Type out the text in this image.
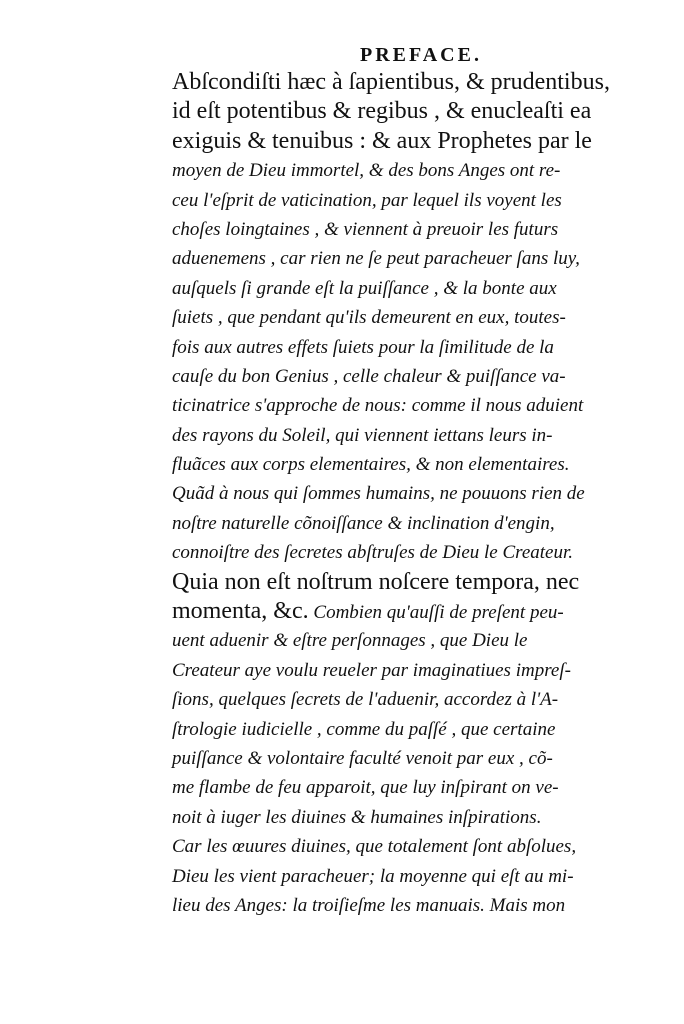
PREFACE.
Abſcondiſti hæc à ſapientibus, & prudentibus,
id eſt potentibus & regibus , & enucleaſti ea
exiguis & tenuibus : & aux Prophetes par le
moyen de Dieu immortel, & des bons Anges ont re-
ceu l'eſprit de vaticination, par lequel ils voyent les
choſes loingtaines , & viennent à preuoir les futurs
aduenemens , car rien ne ſe peut paracheuer ſans luy,
auſquels ſi grande eſt la puiſſance , & la bonte aux
ſuiets , que pendant qu'ils demeurent en eux, toutes-
fois aux autres effets ſuiets pour la ſimilitude de la
cauſe du bon Genius , celle chaleur & puiſſance va-
ticinatrice s'approche de nous: comme il nous aduient
des rayons du Soleil, qui viennent iettans leurs in-
fluãces aux corps elementaires, & non elementaires.
Quãd à nous qui ſommes humains, ne pouuons rien de
noſtre naturelle cõnoiſſance & inclination d'engin,
connoiſtre des ſecretes abſtruſes de Dieu le Createur.
Quia non eſt noſtrum noſcere tempora, nec
momenta, &c. Combien qu'auſſi de preſent peu-
uent aduenir & eſtre perſonnages , que Dieu le
Createur aye voulu reueler par imaginatiues impreſ-
ſions, quelques ſecrets de l'aduenir, accordez à l'A-
ſtrologie iudicielle , comme du paſſé , que certaine
puiſſance & volontaire faculté venoit par eux , cõ-
me flambe de feu apparoit, que luy inſpirant on ve-
noit à iuger les diuines & humaines inſpirations.
Car les œuures diuines, que totalement ſont abſolues,
Dieu les vient paracheuer; la moyenne qui eſt au mi-
lieu des Anges: la troiſieſme les manuais. Mais mon
